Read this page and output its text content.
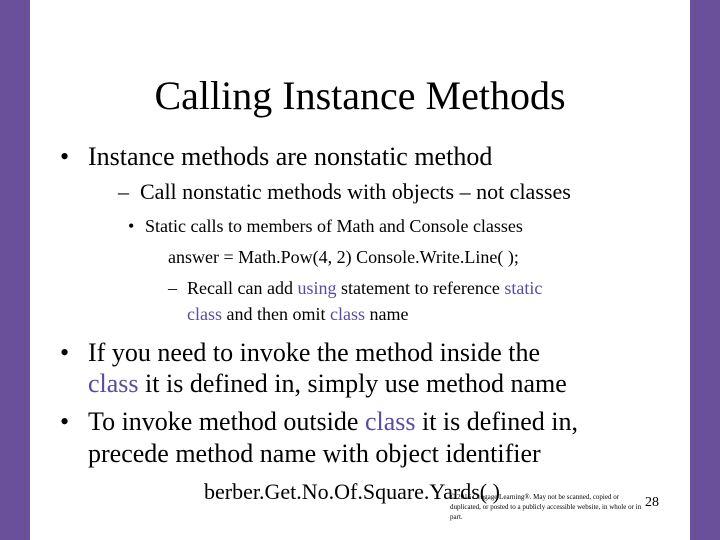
Calling Instance Methods
• Instance methods are nonstatic method
– Call nonstatic methods with objects – not classes
• Static calls to members of Math and Console classes
answer = Math.Pow(4, 2) Console.Write.Line( );
– Recall can add using statement to reference static
class and then omit class name
• If you need to invoke the method inside the
class it is defined in, simply use method name
• To invoke method outside class it is defined in,
precede method name with object identifier
berber.Get.No.Of.Square.Yards( )
© 2016 Cengage Learning®. May not be scanned, copied or duplicated, or posted to a publicly accessible website, in whole or in part.
28
